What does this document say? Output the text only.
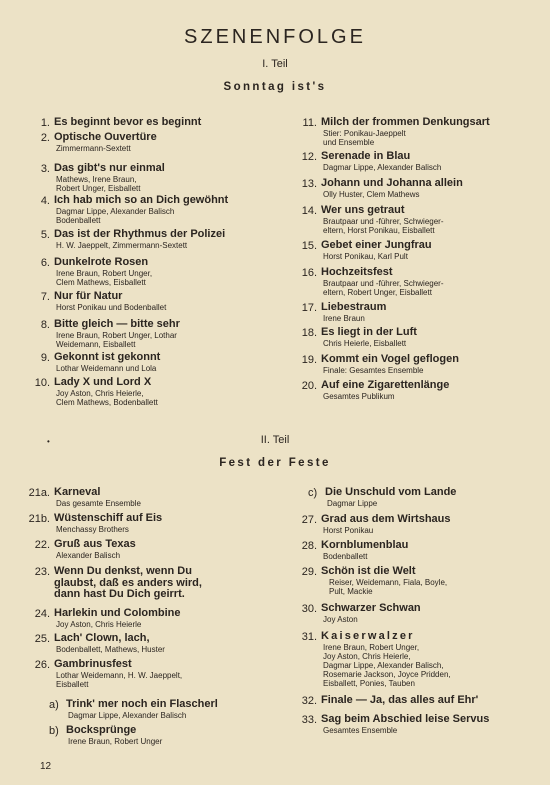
SZENENFOLGE
I. Teil
Sonntag ist's
1. Es beginnt bevor es beginnt
2. Optische Ouvertüre
Zimmermann-Sextett
3. Das gibt's nur einmal
Mathews, Irene Braun,
Robert Unger, Eisballett
4. Ich hab mich so an Dich gewöhnt
Dagmar Lippe, Alexander Balisch
Bodenballett
5. Das ist der Rhythmus der Polizei
H. W. Jaeppelt, Zimmermann-Sextett
6. Dunkelrote Rosen
Irene Braun, Robert Unger,
Clem Mathews, Eisballett
7. Nur für Natur
Horst Ponikau und Bodenballet
8. Bitte gleich — bitte sehr
Irene Braun, Robert Unger, Lothar
Weidemann, Eisballett
9. Gekonnt ist gekonnt
Lothar Weidemann und Lola
10. Lady X und Lord X
Joy Aston, Chris Heierle,
Clem Mathews, Bodenballett
11. Milch der frommen Denkungsart
Stier: Ponikau-Jaeppelt
und Ensemble
12. Serenade in Blau
Dagmar Lippe, Alexander Balisch
13. Johann und Johanna allein
Olly Huster, Clem Mathews
14. Wer uns getraut
Brautpaar und -führer, Schwieger-
eltern, Horst Ponikau, Eisballett
15. Gebet einer Jungfrau
Horst Ponikau, Karl Pult
16. Hochzeitsfest
Brautpaar und -führer, Schwieger-
eltern, Robert Unger, Eisballett
17. Liebestraum
Irene Braun
18. Es liegt in der Luft
Chris Heierle, Eisballett
19. Kommt ein Vogel geflogen
Finale: Gesamtes Ensemble
20. Auf eine Zigarettenlänge
Gesamtes Publikum
•	II. Teil
Fest der Feste
21a. Karneval
Das gesamte Ensemble
21b. Wüstenschiff auf Eis
Menchassy Brothers
22. Gruß aus Texas
Alexander Balisch
23. Wenn Du denkst, wenn Du
glaubst, daß es anders wird,
dann hast Du Dich geirrt.
24. Harlekin und Colombine
Joy Aston, Chris Heierle
25. Lach' Clown, lach,
Bodenballett, Mathews, Huster
26. Gambrinusfest
Lothar Weidemann, H. W. Jaeppelt,
Eisballett
a) Trink' mer noch ein Flascherl
Dagmar Lippe, Alexander Balisch
b) Bocksprünge
Irene Braun, Robert Unger
c) Die Unschuld vom Lande
Dagmar Lippe
27. Grad aus dem Wirtshaus
Horst Ponikau
28. Kornblumenblau
Bodenballett
29. Schön ist die Welt
Reiser, Weidemann, Fiala, Boyle,
Pult, Mackie
30. Schwarzer Schwan
Joy Aston
31. Kaiserwalzer
Irene Braun, Robert Unger,
Joy Aston, Chris Heierle,
Dagmar Lippe, Alexander Balisch,
Rosemarie Jackson, Joyce Pridden,
Eisballett, Ponies, Tauben
32. Finale — Ja, das alles auf Ehr'
33. Sag beim Abschied leise Servus
Gesamtes Ensemble
12
